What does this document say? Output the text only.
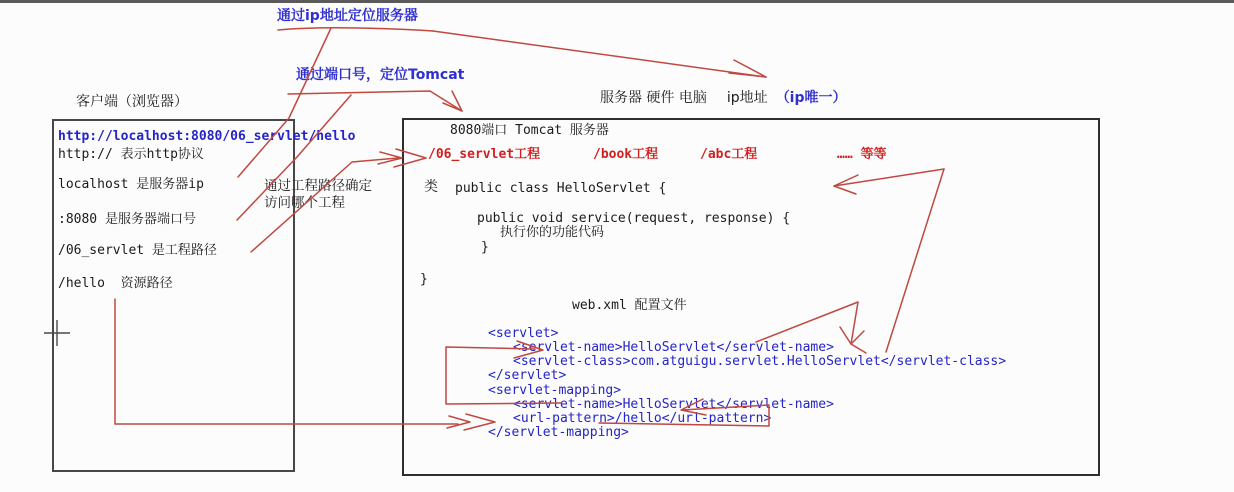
通过ip地址定位服务器
通过端口号，定位Tomcat
客户端（浏览器）
http://localhost:8080/06_servlet/hello
http:// 表示http协议
localhost 是服务器ip
:8080 是服务器端口号
/06_servlet 是工程路径
/hello  资源路径
通过工程路径确定
访问哪个工程
服务器 硬件 电脑 ip地址 （ip唯一）
8080端口 Tomcat 服务器
/06_servlet工程	/book工程	/abc工程	…… 等等
类 public class HelloServlet {
public void service(request, response) {
执行你的功能代码
}
}
web.xml 配置文件
<servlet>
<servlet-name>HelloServlet</servlet-name>
<servlet-class>com.atguigu.servlet.HelloServlet</servlet-class>
</servlet>
<servlet-mapping>
<servlet-name>HelloServlet</servlet-name>
<url-pattern>/hello</url-pattern>
</servlet-mapping>
